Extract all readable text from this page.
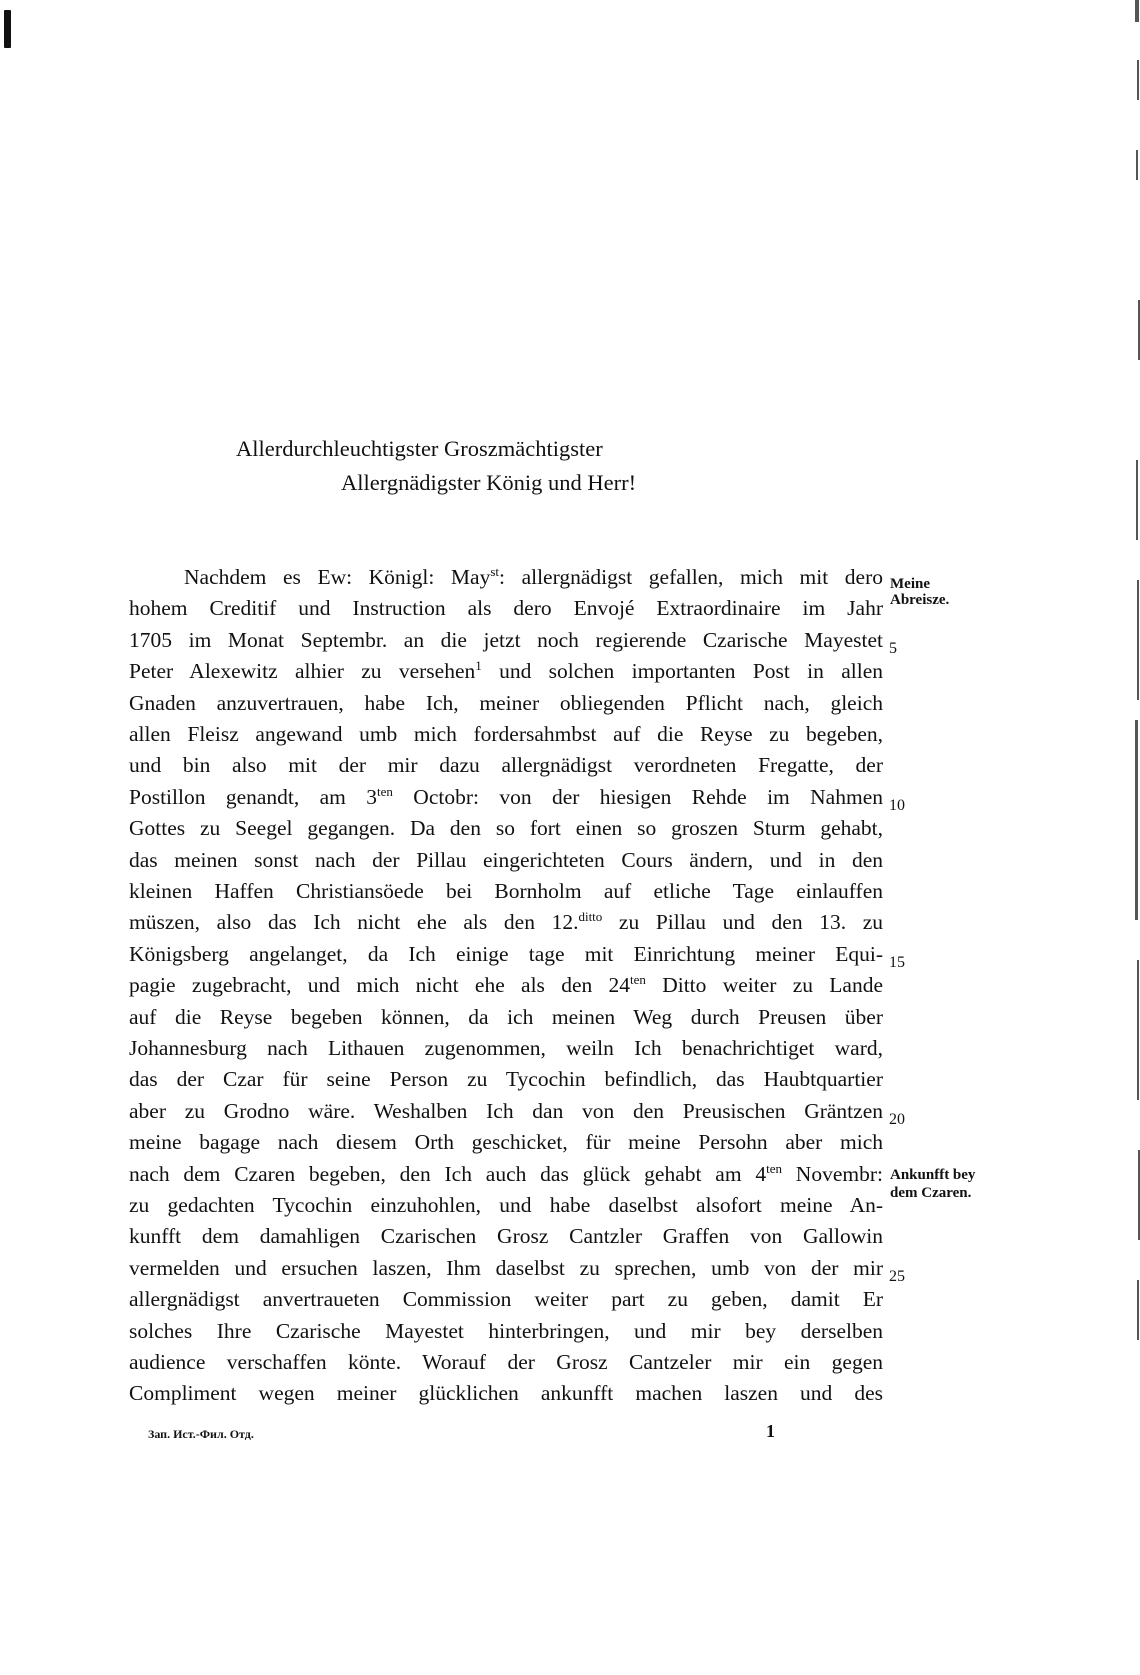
Allerdurchleuchtigster Groszmächtigster
Allergnädigster König und Herr!
Nachdem es Ew: Königl: May$^{st}$: allergnädigst gefallen, mich mit dero
hohem Creditif und Instruction als dero Envojé Extraordinaire im Jahr
1705 im Monat Septembr. an die jetzt noch regierende Czarische Mayestet
Peter Alexewitz alhier zu versehen$^1$ und solchen importanten Post in allen
Gnaden anzuvertrauen, habe Ich, meiner obliegenden Pflicht nach, gleich
allen Fleisz angewand umb mich fordersahmbst auf die Reyse zu begeben,
und bin also mit der mir dazu allergnädigst verordneten Fregatte, der
Postillon genandt, am $3^{ten}$ Octobr: von der hiesigen Rehde im Nahmen
Gottes zu Seegel gegangen. Da den so fort einen so groszen Sturm gehabt,
das meinen sonst nach der Pillau eingerichteten Cours ändern, und in den
kleinen Haffen Christiansöede bei Bornholm auf etliche Tage einlauffen
müszen, also das Ich nicht ehe als den 12.$^{ditto}$ zu Pillau und den 13. zu
Königsberg angelanget, da Ich einige tage mit Einrichtung meiner Equi-
pagie zugebracht, und mich nicht ehe als den $24^{ten}$ Ditto weiter zu Lande
auf die Reyse begeben können, da ich meinen Weg durch Preusen über
Johannesburg nach Lithauen zugenommen, weiln Ich benachrichtiget ward,
das der Czar für seine Person zu Tycochin befindlich, das Haubtquartier
aber zu Grodno wäre. Weshalben Ich dan von den Preusischen Gräntzen
meine bagage nach diesem Orth geschicket, für meine Persohn aber mich
nach dem Czaren begeben, den Ich auch das glück gehabt am $4^{ten}$ Novembr:
zu gedachten Tycochin einzuhohlen, und habe daselbst alsofort meine An-
kunfft dem damahligen Czarischen Grosz Cantzler Graffen von Gallowin
vermelden und ersuchen laszen, Ihm daselbst zu sprechen, umb von der mir
allergnädigst anvertraueten Commission weiter part zu geben, damit Er
solches Ihre Czarische Mayestet hinterbringen, und mir bey derselben
audience verschaffen könte. Worauf der Grosz Cantzeler mir ein gegen
Compliment wegen meiner glücklichen ankunfft machen laszen und des
5
10
15
20
25
Meine
Abreisze.
Ankunfft bey
dem Czaren.
Зап. Ист.-Фил. Отд.	1
